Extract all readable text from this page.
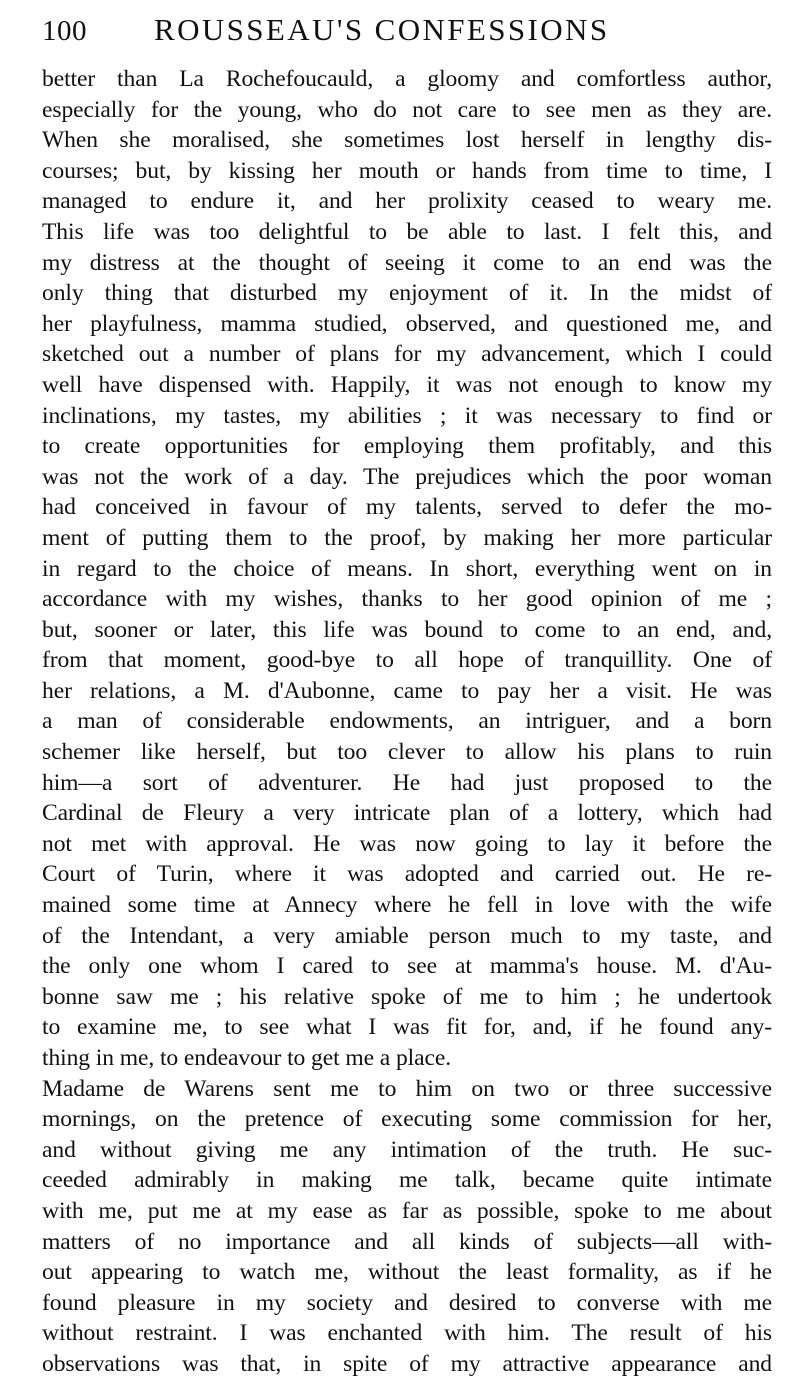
100	ROUSSEAU'S CONFESSIONS
better than La Rochefoucauld, a gloomy and comfortless author,
especially for the young, who do not care to see men as they are.
When she moralised, she sometimes lost herself in lengthy dis-
courses; but, by kissing her mouth or hands from time to time, I
managed to endure it, and her prolixity ceased to weary me.
This life was too delightful to be able to last. I felt this, and
my distress at the thought of seeing it come to an end was the
only thing that disturbed my enjoyment of it. In the midst of
her playfulness, mamma studied, observed, and questioned me, and
sketched out a number of plans for my advancement, which I could
well have dispensed with. Happily, it was not enough to know my
inclinations, my tastes, my abilities ; it was necessary to find or
to create opportunities for employing them profitably, and this
was not the work of a day. The prejudices which the poor woman
had conceived in favour of my talents, served to defer the mo-
ment of putting them to the proof, by making her more particular
in regard to the choice of means. In short, everything went on in
accordance with my wishes, thanks to her good opinion of me ;
but, sooner or later, this life was bound to come to an end, and,
from that moment, good-bye to all hope of tranquillity. One of
her relations, a M. d'Aubonne, came to pay her a visit. He was
a man of considerable endowments, an intriguer, and a born
schemer like herself, but too clever to allow his plans to ruin
him—a sort of adventurer. He had just proposed to the
Cardinal de Fleury a very intricate plan of a lottery, which had
not met with approval. He was now going to lay it before the
Court of Turin, where it was adopted and carried out. He re-
mained some time at Annecy where he fell in love with the wife
of the Intendant, a very amiable person much to my taste, and
the only one whom I cared to see at mamma's house. M. d'Au-
bonne saw me ; his relative spoke of me to him ; he undertook
to examine me, to see what I was fit for, and, if he found any-
thing in me, to endeavour to get me a place.
Madame de Warens sent me to him on two or three successive
mornings, on the pretence of executing some commission for her,
and without giving me any intimation of the truth. He suc-
ceeded admirably in making me talk, became quite intimate
with me, put me at my ease as far as possible, spoke to me about
matters of no importance and all kinds of subjects—all with-
out appearing to watch me, without the least formality, as if he
found pleasure in my society and desired to converse with me
without restraint. I was enchanted with him. The result of his
observations was that, in spite of my attractive appearance and
